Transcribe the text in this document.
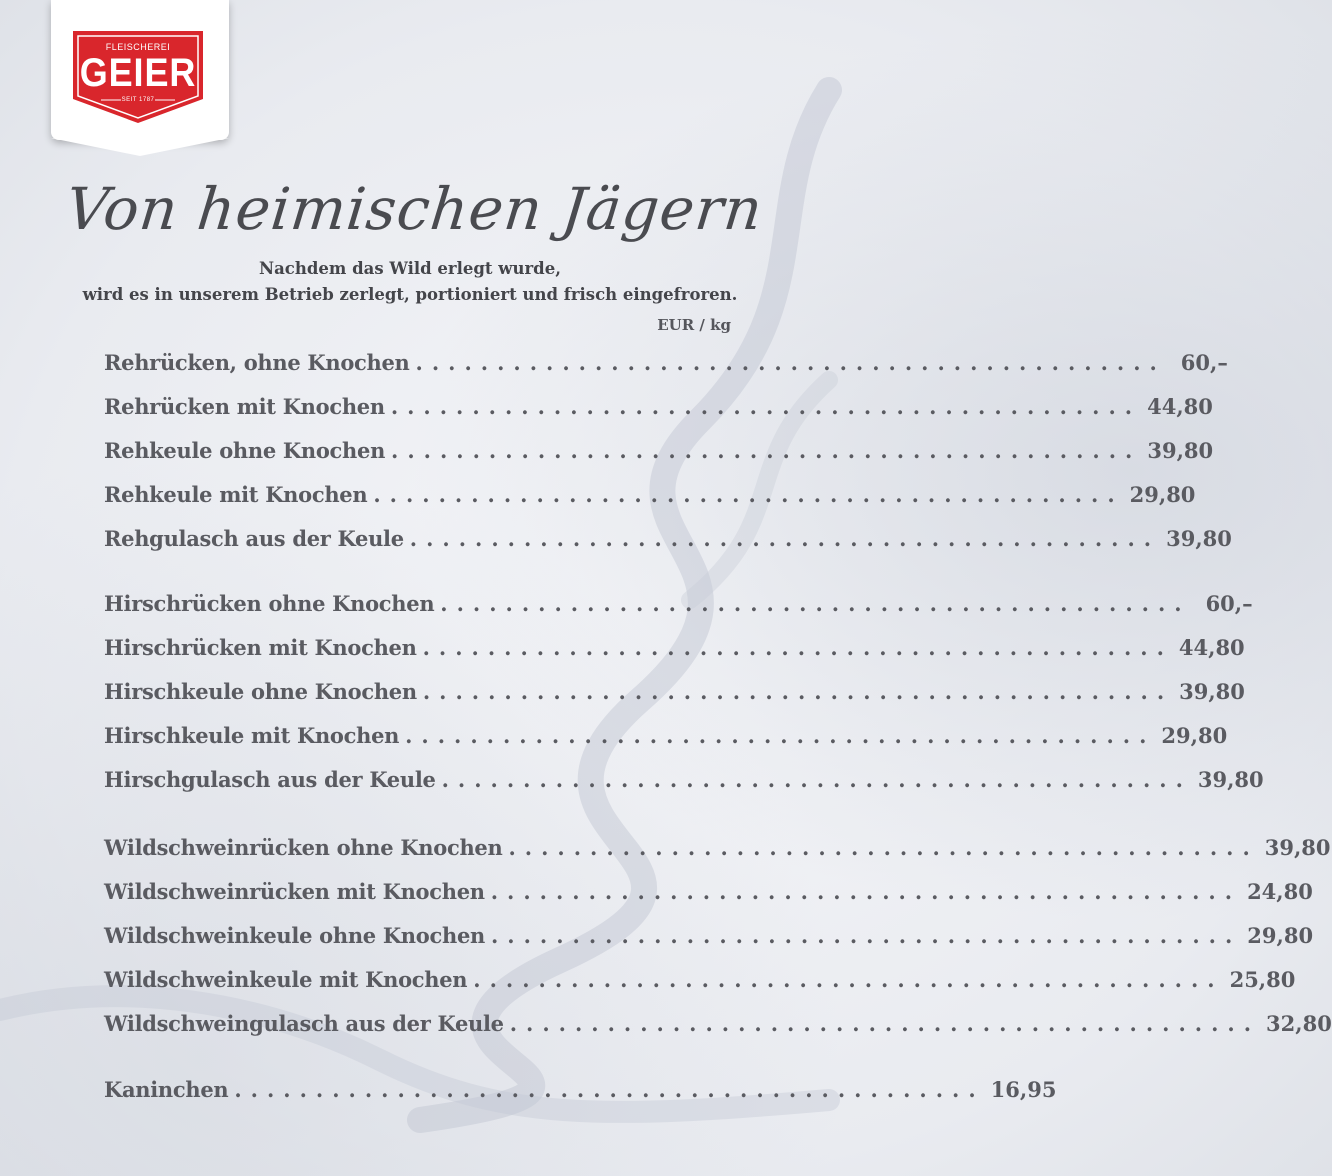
FLEISCHEREI
GEIER
SEIT 1787
Von heimischen Jägern
Nachdem das Wild erlegt wurde,
wird es in unserem Betrieb zerlegt, portioniert und frisch eingefroren.
EUR / kg
Rehrücken, ohne Knochen .............................................. 60,–
Rehrücken mit Knochen .............................................. 44,80
Rehkeule ohne Knochen .............................................. 39,80
Rehkeule mit Knochen .............................................. 29,80
Rehgulasch aus der Keule .............................................. 39,80
Hirschrücken ohne Knochen .............................................. 60,–
Hirschrücken mit Knochen .............................................. 44,80
Hirschkeule ohne Knochen .............................................. 39,80
Hirschkeule mit Knochen .............................................. 29,80
Hirschgulasch aus der Keule .............................................. 39,80
Wildschweinrücken ohne Knochen .............................................. 39,80
Wildschweinrücken mit Knochen .............................................. 24,80
Wildschweinkeule ohne Knochen .............................................. 29,80
Wildschweinkeule mit Knochen .............................................. 25,80
Wildschweingulasch aus der Keule .............................................. 32,80
Kaninchen .............................................. 16,95
